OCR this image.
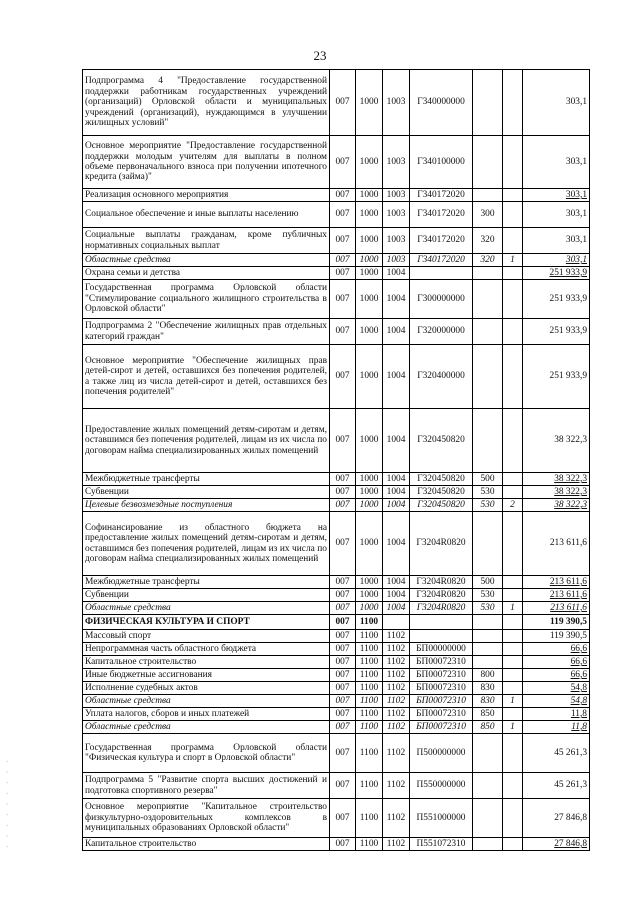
23
Подпрограмма 4 "Предоставление государственной поддержки работникам государственных учреждений (организаций) Орловской области и муниципальных учреждений (организаций), нуждающимся в улучшении жилищных условий"	007	1000	1003	Г340000000			303,1
Основное мероприятие "Предоставление государственной поддержки молодым учителям для выплаты в полном объеме первоначального взноса при получении ипотечного кредита (займа)"	007	1000	1003	Г340100000			303,1
Реализация основного мероприятия	007	1000	1003	Г340172020			303,1
Социальное обеспечение и иные выплаты населению	007	1000	1003	Г340172020	300		303,1
Социальные выплаты гражданам, кроме публичных нормативных социальных выплат	007	1000	1003	Г340172020	320		303,1
Областные средства	007	1000	1003	Г340172020	320	1	303,1
Охрана семьи и детства	007	1000	1004				251 933,9
Государственная программа Орловской области "Стимулирование социального жилищного строительства в Орловской области"	007	1000	1004	Г300000000			251 933,9
Подпрограмма 2 "Обеспечение жилищных прав отдельных категорий граждан"	007	1000	1004	Г320000000			251 933,9
Основное мероприятие "Обеспечение жилищных прав детей-сирот и детей, оставшихся без попечения родителей, а также лиц из числа детей-сирот и детей, оставшихся без попечения родителей"	007	1000	1004	Г320400000			251 933,9
Предоставление жилых помещений детям-сиротам и детям, оставшимся без попечения родителей, лицам из их числа по договорам найма специализированных жилых помещений	007	1000	1004	Г320450820			38 322,3
Межбюджетные трансферты	007	1000	1004	Г320450820	500		38 322,3
Субвенции	007	1000	1004	Г320450820	530		38 322,3
Целевые безвозмездные поступления	007	1000	1004	Г320450820	530	2	38 322,3
Софинансирование из областного бюджета на предоставление жилых помещений детям-сиротам и детям, оставшимся без попечения родителей, лицам из их числа по договорам найма специализированных жилых помещений	007	1000	1004	Г3204R0820			213 611,6
Межбюджетные трансферты	007	1000	1004	Г3204R0820	500		213 611,6
Субвенции	007	1000	1004	Г3204R0820	530		213 611,6
Областные средства	007	1000	1004	Г3204R0820	530	1	213 611,6
ФИЗИЧЕСКАЯ КУЛЬТУРА И СПОРТ	007	1100					119 390,5
Массовый спорт	007	1100	1102				119 390,5
Непрограммная часть областного бюджета	007	1100	1102	БП00000000			66,6
Капитальное строительство	007	1100	1102	БП00072310			66,6
Иные бюджетные ассигнования	007	1100	1102	БП00072310	800		66,6
Исполнение судебных актов	007	1100	1102	БП00072310	830		54,8
Областные средства	007	1100	1102	БП00072310	830	1	54,8
Уплата налогов, сборов и иных платежей	007	1100	1102	БП00072310	850		11,8
Областные средства	007	1100	1102	БП00072310	850	1	11,8
Государственная программа Орловской области "Физическая культура и спорт в Орловской области"	007	1100	1102	П500000000			45 261,3
Подпрограмма 5 "Развитие спорта высших достижений и подготовка спортивного резерва"	007	1100	1102	П550000000			45 261,3
Основное мероприятие "Капитальное строительство физкультурно-оздоровительных комплексов в муниципальных образованиях Орловской области"	007	1100	1102	П551000000			27 846,8
Капитальное строительство	007	1100	1102	П551072310			27 846,8
· · · · · · · · ·
